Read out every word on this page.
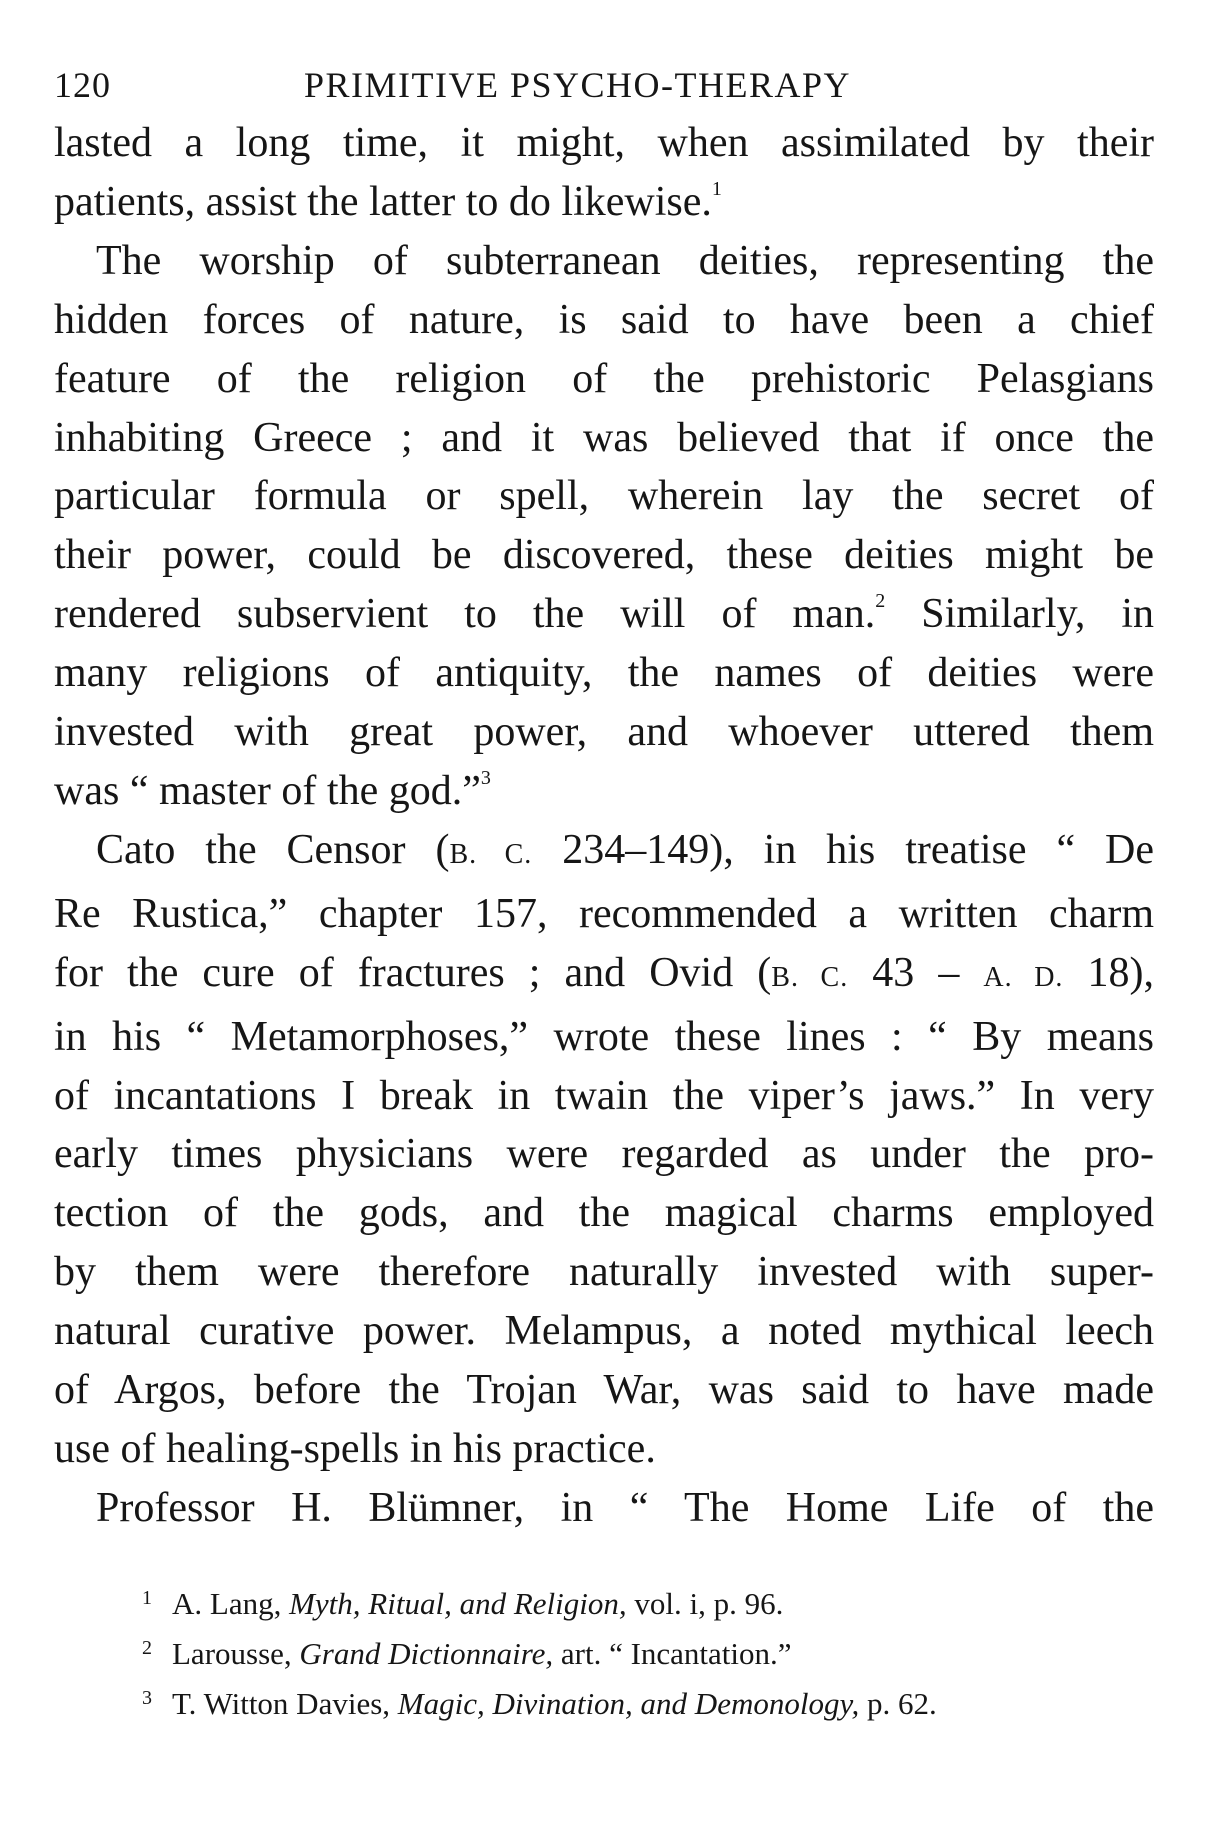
120	PRIMITIVE PSYCHO-THERAPY
lasted a long time, it might, when assimilated by their
patients, assist the latter to do likewise.$^1$
The worship of subterranean deities, representing the
hidden forces of nature, is said to have been a chief
feature of the religion of the prehistoric Pelasgians
inhabiting Greece ; and it was believed that if once the
particular formula or spell, wherein lay the secret of
their power, could be discovered, these deities might be
rendered subservient to the will of man.$^2$ Similarly, in
many religions of antiquity, the names of deities were
invested with great power, and whoever uttered them
was “ master of the god.”$^3$
Cato the Censor (B. C. 234–149), in his treatise “ De
Re Rustica,” chapter 157, recommended a written charm
for the cure of fractures ; and Ovid (B. C. 43 – A. D. 18),
in his “ Metamorphoses,” wrote these lines : “ By means
of incantations I break in twain the viper’s jaws.” In very
early times physicians were regarded as under the pro-
tection of the gods, and the magical charms employed
by them were therefore naturally invested with super-
natural curative power. Melampus, a noted mythical leech
of Argos, before the Trojan War, was said to have made
use of healing-spells in his practice.
Professor H. Blümner, in “ The Home Life of the
1 A. Lang, Myth, Ritual, and Religion, vol. i, p. 96.
2 Larousse, Grand Dictionnaire, art. “ Incantation.”
3 T. Witton Davies, Magic, Divination, and Demonology, p. 62.
